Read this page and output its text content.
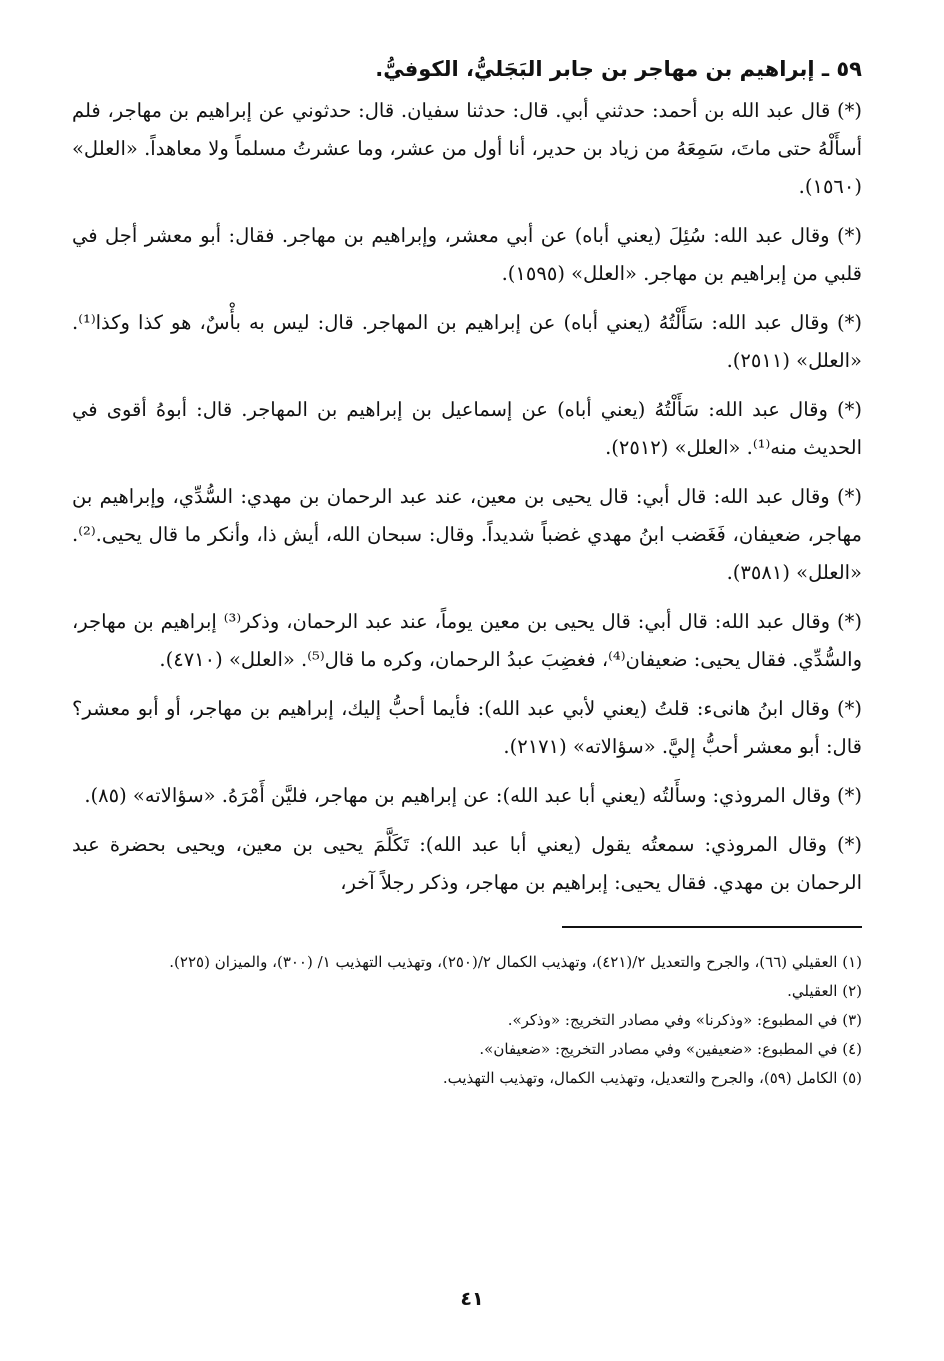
٥٩ ـ إبراهيم بن مهاجر بن جابر البَجَليُّ، الكوفيُّ.

(*) قال عبد الله بن أحمد: حدثني أبي. قال: حدثنا سفيان. قال: حدثوني عن إبراهيم بن مهاجر، فلم أسأَلْهُ حتى ماتَ، سَمِعَهُ من زياد بن حدير، أنا أول من عشر، وما عشرتُ مسلماً ولا معاهداً. «العلل» (١٥٦٠).

(*) وقال عبد الله: سُئِلَ (يعني أباه) عن أبي معشر، وإبراهيم بن مهاجر. فقال: أبو معشر أجل في قلبي من إبراهيم بن مهاجر. «العلل» (١٥٩٥).

(*) وقال عبد الله: سَأَلْتُهُ (يعني أباه) عن إبراهيم بن المهاجر. قال: ليس به بأْسٌ، هو كذا وكذا⁽¹⁾. «العلل» (٢٥١١).

(*) وقال عبد الله: سَأَلْتُهُ (يعني أباه) عن إسماعيل بن إبراهيم بن المهاجر. قال: أبوهُ أقوى في الحديث منه⁽¹⁾. «العلل» (٢٥١٢).

(*) وقال عبد الله: قال أبي: قال يحيى بن معين، عند عبد الرحمان بن مهدي: السُّدِّي، وإبراهيم بن مهاجر، ضعيفان، فَغَضب ابنُ مهدي غضباً شديداً. وقال: سبحان الله، أيش ذا، وأنكر ما قال يحيى.⁽²⁾. «العلل» (٣٥٨١).

(*) وقال عبد الله: قال أبي: قال يحيى بن معين يوماً، عند عبد الرحمان، وذكر⁽³⁾ إبراهيم بن مهاجر، والسُّدِّي. فقال يحيى: ضعيفان⁽⁴⁾، فغضِبَ عبدُ الرحمان، وكره ما قال⁽⁵⁾. «العلل» (٤٧١٠).

(*) وقال ابنُ هانىء: قلتُ (يعني لأبي عبد الله): فأيما أحبُّ إليك، إبراهيم بن مهاجر، أو أبو معشر؟ قال: أبو معشر أحبُّ إليَّ. «سؤالاته» (٢١٧١).

(*) وقال المروذي: وسأَلتُه (يعني أبا عبد الله): عن إبراهيم بن مهاجر، فليَّن أَمْرَهُ. «سؤالاته» (٨٥).

(*) وقال المروذي: سمعتُه يقول (يعني أبا عبد الله): تَكَلَّمَ يحيى بن معين، ويحيى بحضرة عبد الرحمان بن مهدي. فقال يحيى: إبراهيم بن مهاجر، وذكر رجلاً آخر،

(١) العقيلي (٦٦)، والجرح والتعديل ٢/(٤٢١)، وتهذيب الكمال ٢/(٢٥٠)، وتهذيب التهذيب ١/ (٣٠٠)، والميزان (٢٢٥).

(٢) العقيلي.

(٣) في المطبوع: «وذكرنا» وفي مصادر التخريج: «وذكر».

(٤) في المطبوع: «ضعيفين» وفي مصادر التخريج: «ضعيفان».

(٥) الكامل (٥٩)، والجرح والتعديل، وتهذيب الكمال، وتهذيب التهذيب.

٤١
